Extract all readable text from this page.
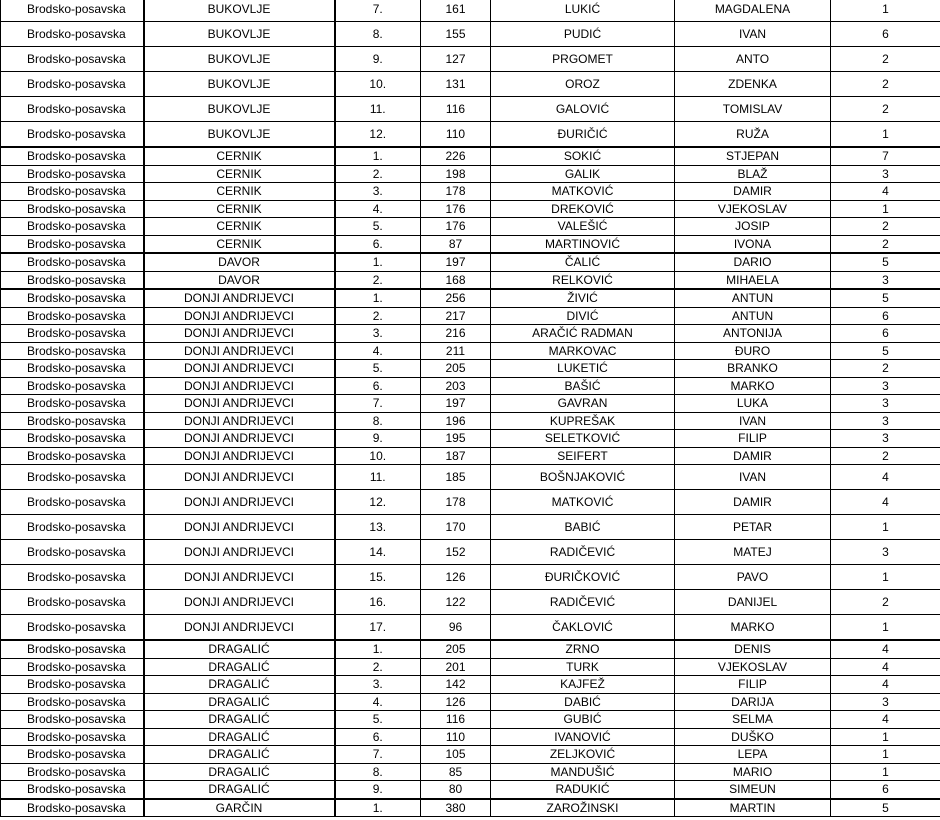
Brodsko-posavska	BUKOVLJE	7.	161	LUKIĆ	MAGDALENA	1
Brodsko-posavska	BUKOVLJE	8.	155	PUDIĆ	IVAN	6
Brodsko-posavska	BUKOVLJE	9.	127	PRGOMET	ANTO	2
Brodsko-posavska	BUKOVLJE	10.	131	OROZ	ZDENKA	2
Brodsko-posavska	BUKOVLJE	11.	116	GALOVIĆ	TOMISLAV	2
Brodsko-posavska	BUKOVLJE	12.	110	ĐURIČIĆ	RUŽA	1
Brodsko-posavska	CERNIK	1.	226	SOKIĆ	STJEPAN	7
Brodsko-posavska	CERNIK	2.	198	GALIK	BLAŽ	3
Brodsko-posavska	CERNIK	3.	178	MATKOVIĆ	DAMIR	4
Brodsko-posavska	CERNIK	4.	176	DREKOVIĆ	VJEKOSLAV	1
Brodsko-posavska	CERNIK	5.	176	VALEŠIĆ	JOSIP	2
Brodsko-posavska	CERNIK	6.	87	MARTINOVIĆ	IVONA	2
Brodsko-posavska	DAVOR	1.	197	ČALIĆ	DARIO	5
Brodsko-posavska	DAVOR	2.	168	RELKOVIĆ	MIHAELA	3
Brodsko-posavska	DONJI ANDRIJEVCI	1.	256	ŽIVIĆ	ANTUN	5
Brodsko-posavska	DONJI ANDRIJEVCI	2.	217	DIVIĆ	ANTUN	6
Brodsko-posavska	DONJI ANDRIJEVCI	3.	216	ARAČIĆ RADMAN	ANTONIJA	6
Brodsko-posavska	DONJI ANDRIJEVCI	4.	211	MARKOVAC	ĐURO	5
Brodsko-posavska	DONJI ANDRIJEVCI	5.	205	LUKETIĆ	BRANKO	2
Brodsko-posavska	DONJI ANDRIJEVCI	6.	203	BAŠIĆ	MARKO	3
Brodsko-posavska	DONJI ANDRIJEVCI	7.	197	GAVRAN	LUKA	3
Brodsko-posavska	DONJI ANDRIJEVCI	8.	196	KUPREŠAK	IVAN	3
Brodsko-posavska	DONJI ANDRIJEVCI	9.	195	SELETKOVIĆ	FILIP	3
Brodsko-posavska	DONJI ANDRIJEVCI	10.	187	SEIFERT	DAMIR	2
Brodsko-posavska	DONJI ANDRIJEVCI	11.	185	BOŠNJAKOVIĆ	IVAN	4
Brodsko-posavska	DONJI ANDRIJEVCI	12.	178	MATKOVIĆ	DAMIR	4
Brodsko-posavska	DONJI ANDRIJEVCI	13.	170	BABIĆ	PETAR	1
Brodsko-posavska	DONJI ANDRIJEVCI	14.	152	RADIČEVIĆ	MATEJ	3
Brodsko-posavska	DONJI ANDRIJEVCI	15.	126	ĐURIČKOVIĆ	PAVO	1
Brodsko-posavska	DONJI ANDRIJEVCI	16.	122	RADIČEVIĆ	DANIJEL	2
Brodsko-posavska	DONJI ANDRIJEVCI	17.	96	ČAKLOVIĆ	MARKO	1
Brodsko-posavska	DRAGALIĆ	1.	205	ZRNO	DENIS	4
Brodsko-posavska	DRAGALIĆ	2.	201	TURK	VJEKOSLAV	4
Brodsko-posavska	DRAGALIĆ	3.	142	KAJFEŽ	FILIP	4
Brodsko-posavska	DRAGALIĆ	4.	126	DABIĆ	DARIJA	3
Brodsko-posavska	DRAGALIĆ	5.	116	GUBIĆ	SELMA	4
Brodsko-posavska	DRAGALIĆ	6.	110	IVANOVIĆ	DUŠKO	1
Brodsko-posavska	DRAGALIĆ	7.	105	ZELJKOVIĆ	LEPA	1
Brodsko-posavska	DRAGALIĆ	8.	85	MANDUŠIĆ	MARIO	1
Brodsko-posavska	DRAGALIĆ	9.	80	RADUKIĆ	SIMEUN	6
Brodsko-posavska	GARČIN	1.	380	ZAROŽINSKI	MARTIN	5
